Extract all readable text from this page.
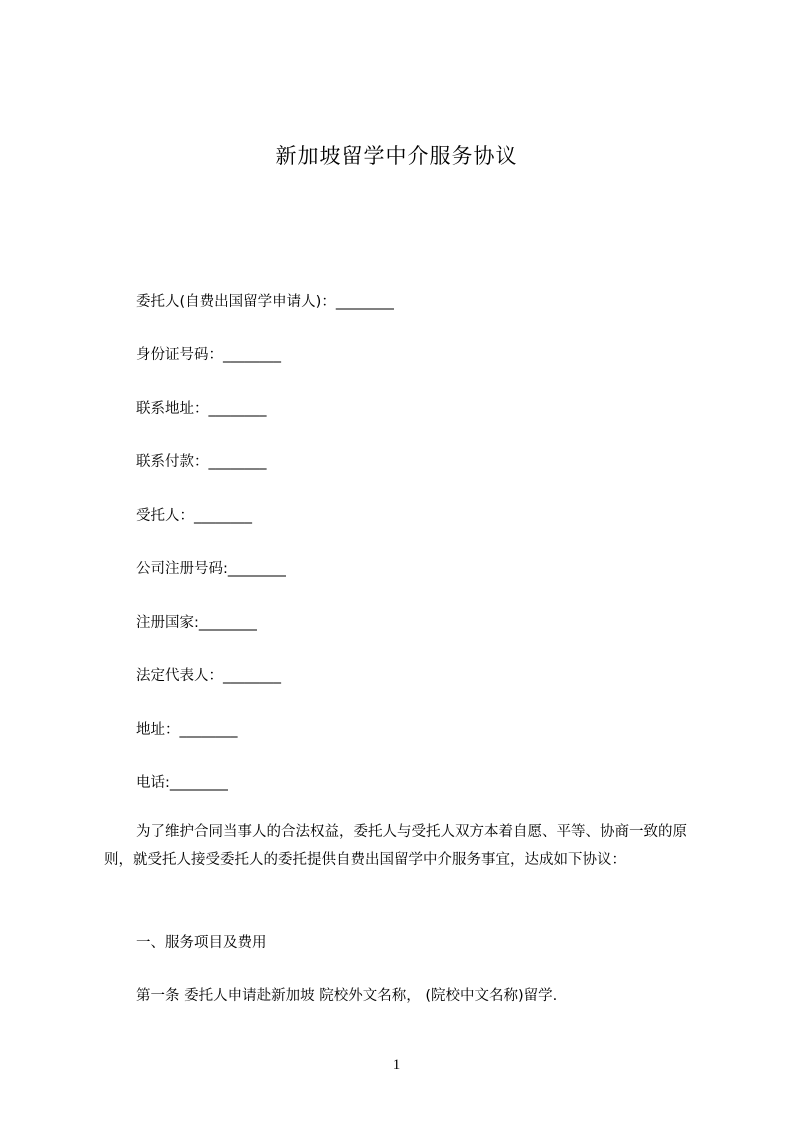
新加坡留学中介服务协议
委托人(自费出国留学申请人)：________
身份证号码：________
联系地址：________
联系付款：________
受托人：________
公司注册号码:________
注册国家:________
法定代表人：________
地址：________
电话:________
为了维护合同当事人的合法权益，委托人与受托人双方本着自愿、平等、协商一致的原则，就受托人接受委托人的委托提供自费出国留学中介服务事宜，达成如下协议：
一、服务项目及费用
第一条 委托人申请赴新加坡 院校外文名称， (院校中文名称)留学.
1
